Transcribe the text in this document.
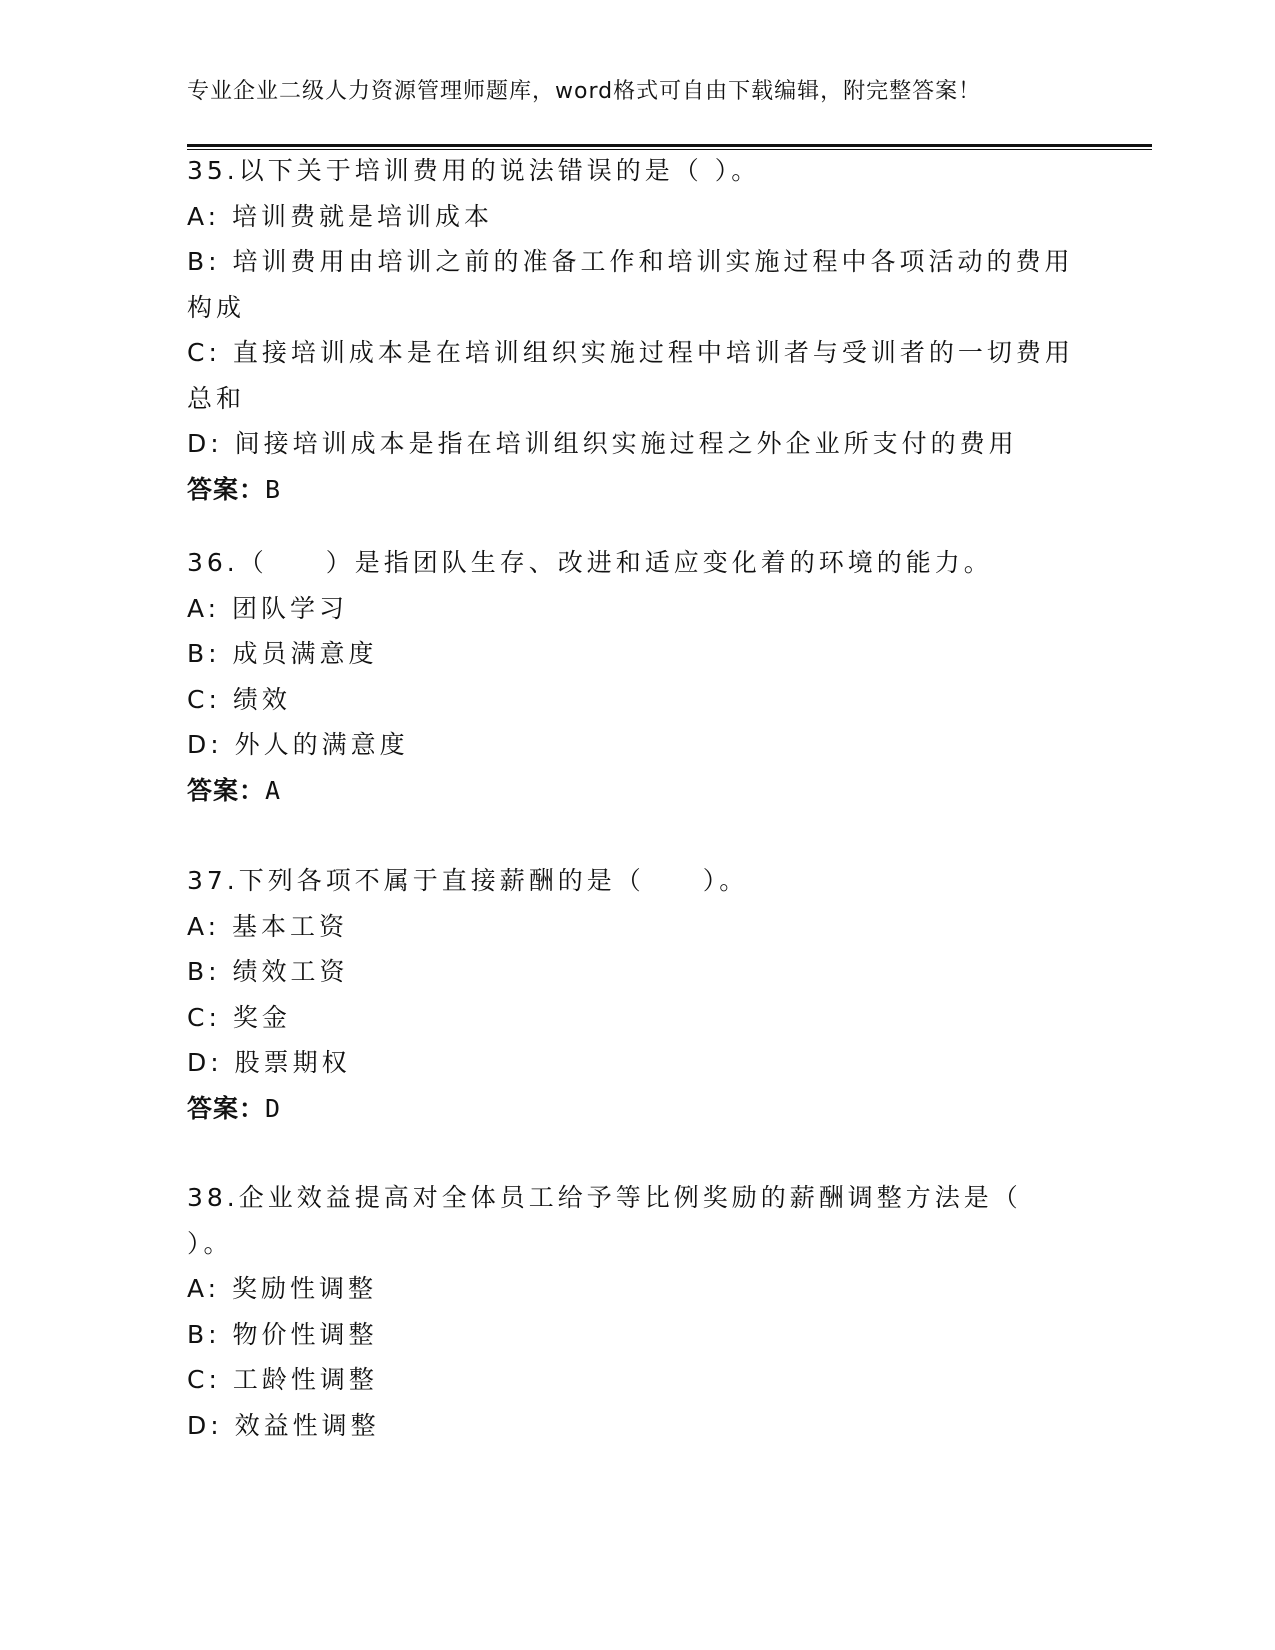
专业企业二级人力资源管理师题库，word格式可自由下载编辑，附完整答案！

35.以下关于培训费用的说法错误的是（ ）。

A: 培训费就是培训成本

B: 培训费用由培训之前的准备工作和培训实施过程中各项活动的费用
构成

C: 直接培训成本是在培训组织实施过程中培训者与受训者的一切费用
总和

D: 间接培训成本是指在培训组织实施过程之外企业所支付的费用

答案：B

36.（　　）是指团队生存、改进和适应变化着的环境的能力。

A: 团队学习

B: 成员满意度

C: 绩效

D: 外人的满意度

答案：A

37.下列各项不属于直接薪酬的是（　　）。

A: 基本工资

B: 绩效工资

C: 奖金

D: 股票期权

答案：D

38.企业效益提高对全体员工给予等比例奖励的薪酬调整方法是（
）。

A: 奖励性调整

B: 物价性调整

C: 工龄性调整

D: 效益性调整
